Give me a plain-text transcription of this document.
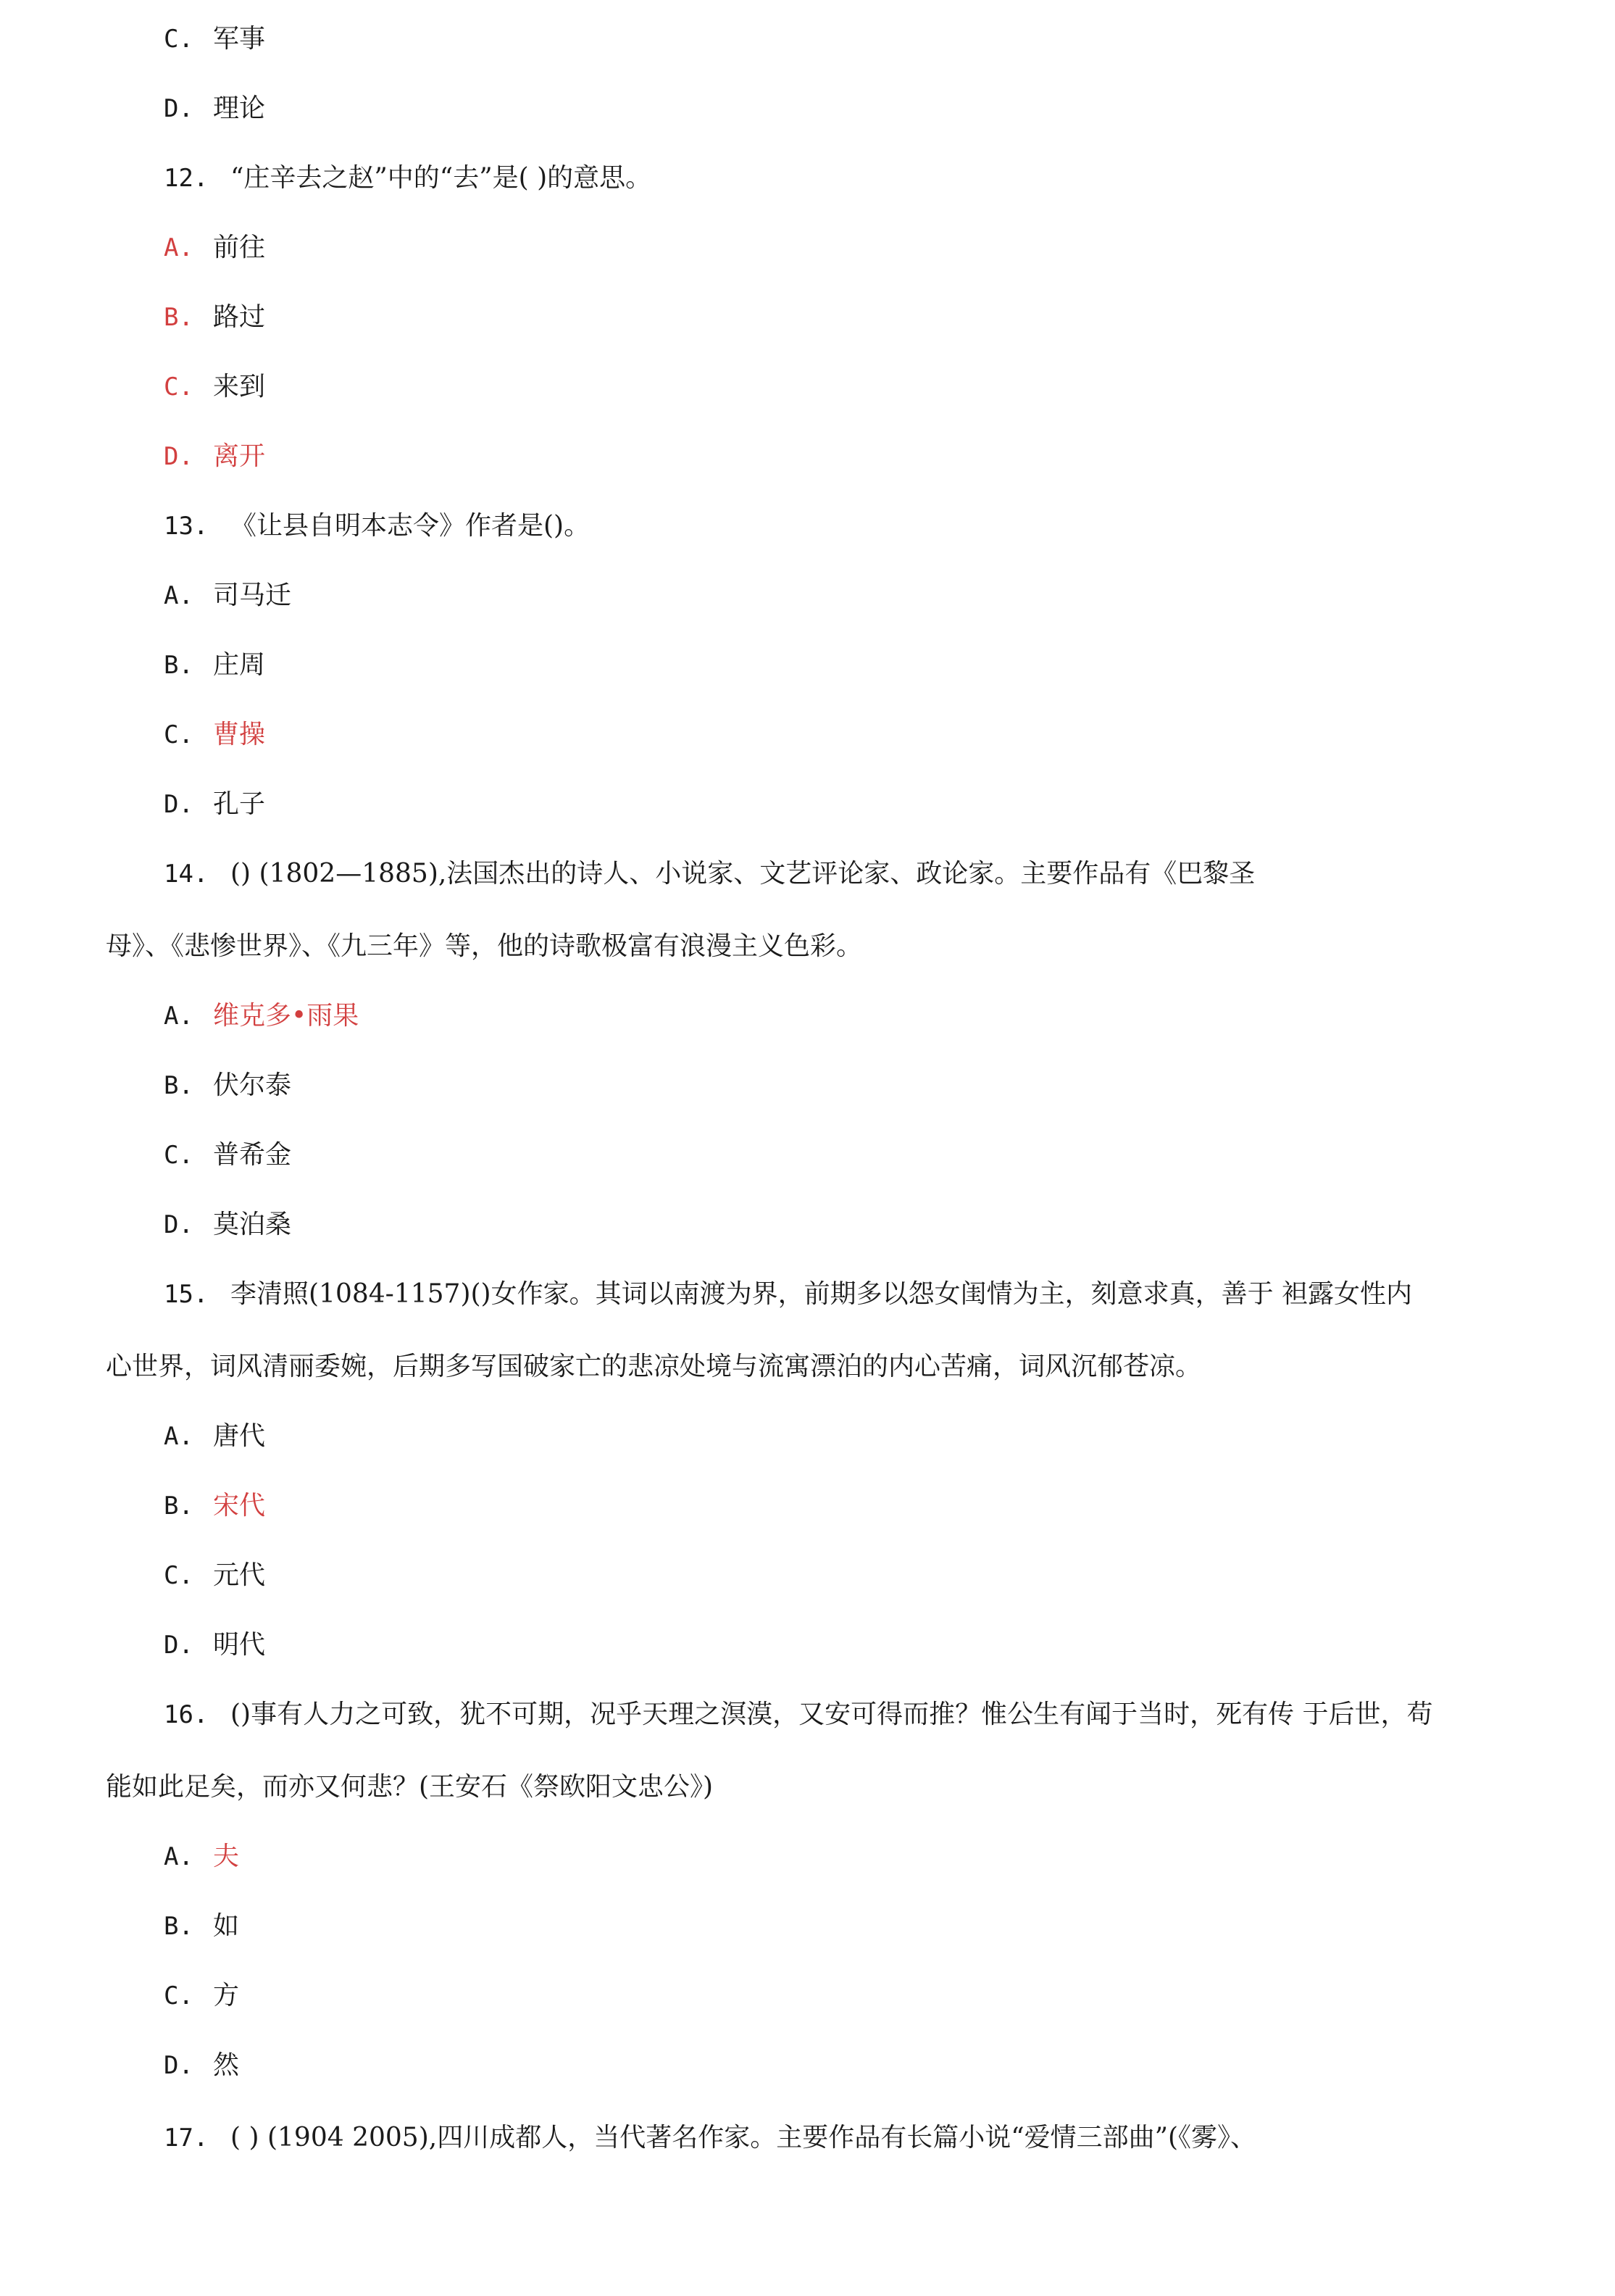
C. 军事
D. 理论
12. “庄辛去之赵”中的“去”是( )的意思。
A. 前往
B. 路过
C. 来到
D. 离开
13. 《让县自明本志令》作者是()。
A. 司马迁
B. 庄周
C. 曹操
D. 孔子
14. () (1802—1885),法国杰出的诗人、小说家、文艺评论家、政论家。主要作品有《巴黎圣
母》、《悲惨世界》、《九三年》等，他的诗歌极富有浪漫主义色彩。
A. 维克多•雨果
B. 伏尔泰
C. 普希金
D. 莫泊桑
15. 李清照(1084-1157)()女作家。其词以南渡为界，前期多以怨女闺情为主，刻意求真，善于 袒露女性内
心世界，词风清丽委婉，后期多写国破家亡的悲凉处境与流寓漂泊的内心苦痛，词风沉郁苍凉。
A. 唐代
B. 宋代
C. 元代
D. 明代
16. ()事有人力之可致，犹不可期，况乎天理之溟漠，又安可得而推？惟公生有闻于当时，死有传 于后世，苟
能如此足矣，而亦又何悲？(王安石《祭欧阳文忠公》)
A. 夫
B. 如
C. 方
D. 然
17. ( ) (1904 2005),四川成都人，当代著名作家。主要作品有长篇小说“爱情三部曲”(《雾》、
